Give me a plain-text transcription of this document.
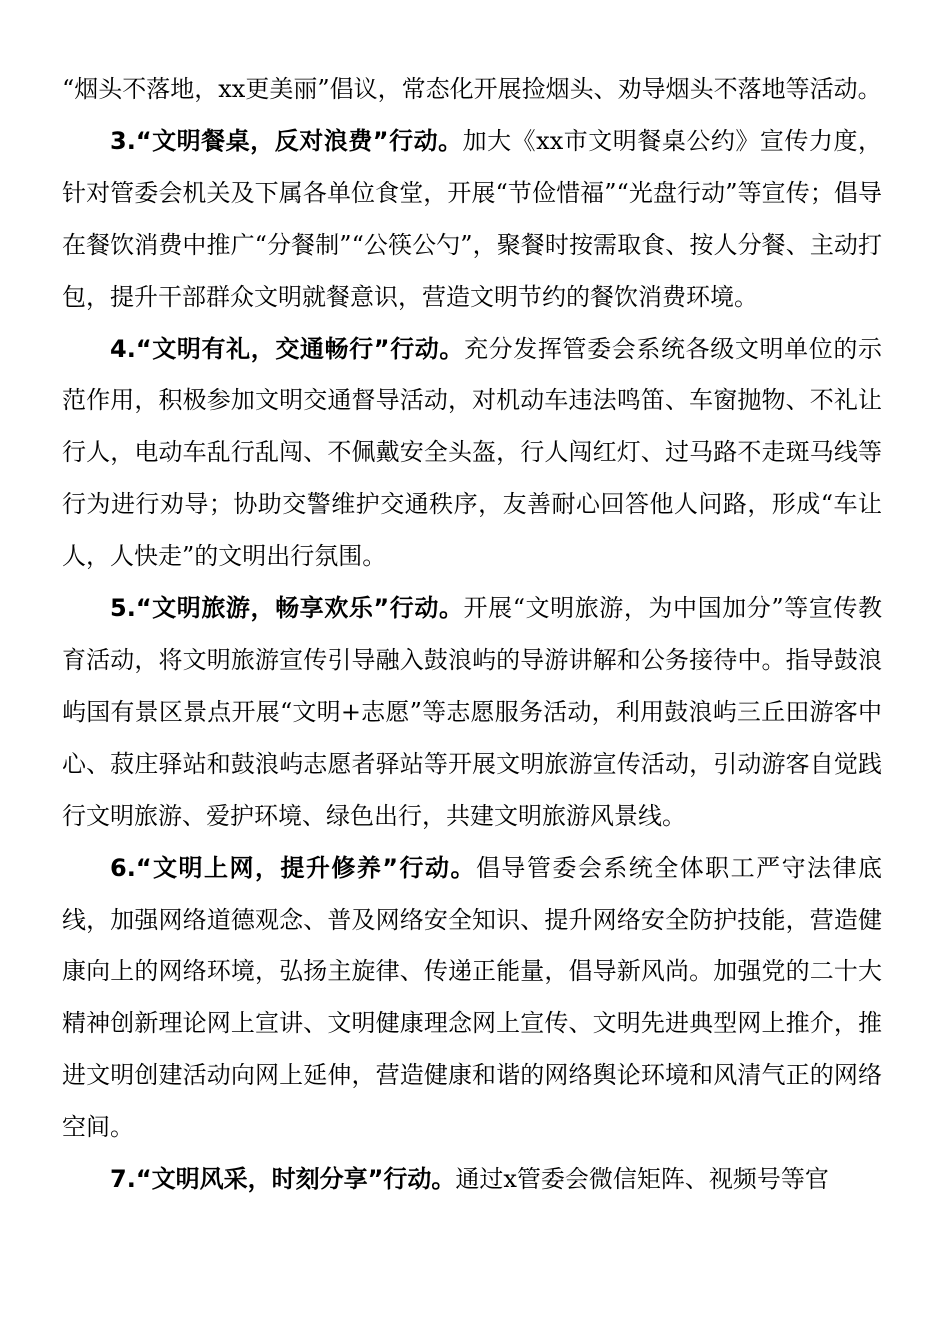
“烟头不落地，xx更美丽”倡议，常态化开展捡烟头、劝导烟头不落地等活动。

3.“文明餐桌，反对浪费”行动。加大《xx市文明餐桌公约》宣传力度，针对管委会机关及下属各单位食堂，开展“节俭惜福”“光盘行动”等宣传；倡导在餐饮消费中推广“分餐制”“公筷公勺”，聚餐时按需取食、按人分餐、主动打包，提升干部群众文明就餐意识，营造文明节约的餐饮消费环境。

4.“文明有礼，交通畅行”行动。充分发挥管委会系统各级文明单位的示范作用，积极参加文明交通督导活动，对机动车违法鸣笛、车窗抛物、不礼让行人，电动车乱行乱闯、不佩戴安全头盔，行人闯红灯、过马路不走斑马线等行为进行劝导；协助交警维护交通秩序，友善耐心回答他人问路，形成“车让人，人快走”的文明出行氛围。

5.“文明旅游，畅享欢乐”行动。开展“文明旅游，为中国加分”等宣传教育活动，将文明旅游宣传引导融入鼓浪屿的导游讲解和公务接待中。指导鼓浪屿国有景区景点开展“文明+志愿”等志愿服务活动，利用鼓浪屿三丘田游客中心、菽庄驿站和鼓浪屿志愿者驿站等开展文明旅游宣传活动，引动游客自觉践行文明旅游、爱护环境、绿色出行，共建文明旅游风景线。

6.“文明上网，提升修养”行动。倡导管委会系统全体职工严守法律底线，加强网络道德观念、普及网络安全知识、提升网络安全防护技能，营造健康向上的网络环境，弘扬主旋律、传递正能量，倡导新风尚。加强党的二十大精神创新理论网上宣讲、文明健康理念网上宣传、文明先进典型网上推介，推进文明创建活动向网上延伸，营造健康和谐的网络舆论环境和风清气正的网络空间。

7.“文明风采，时刻分享”行动。通过x管委会微信矩阵、视频号等官
